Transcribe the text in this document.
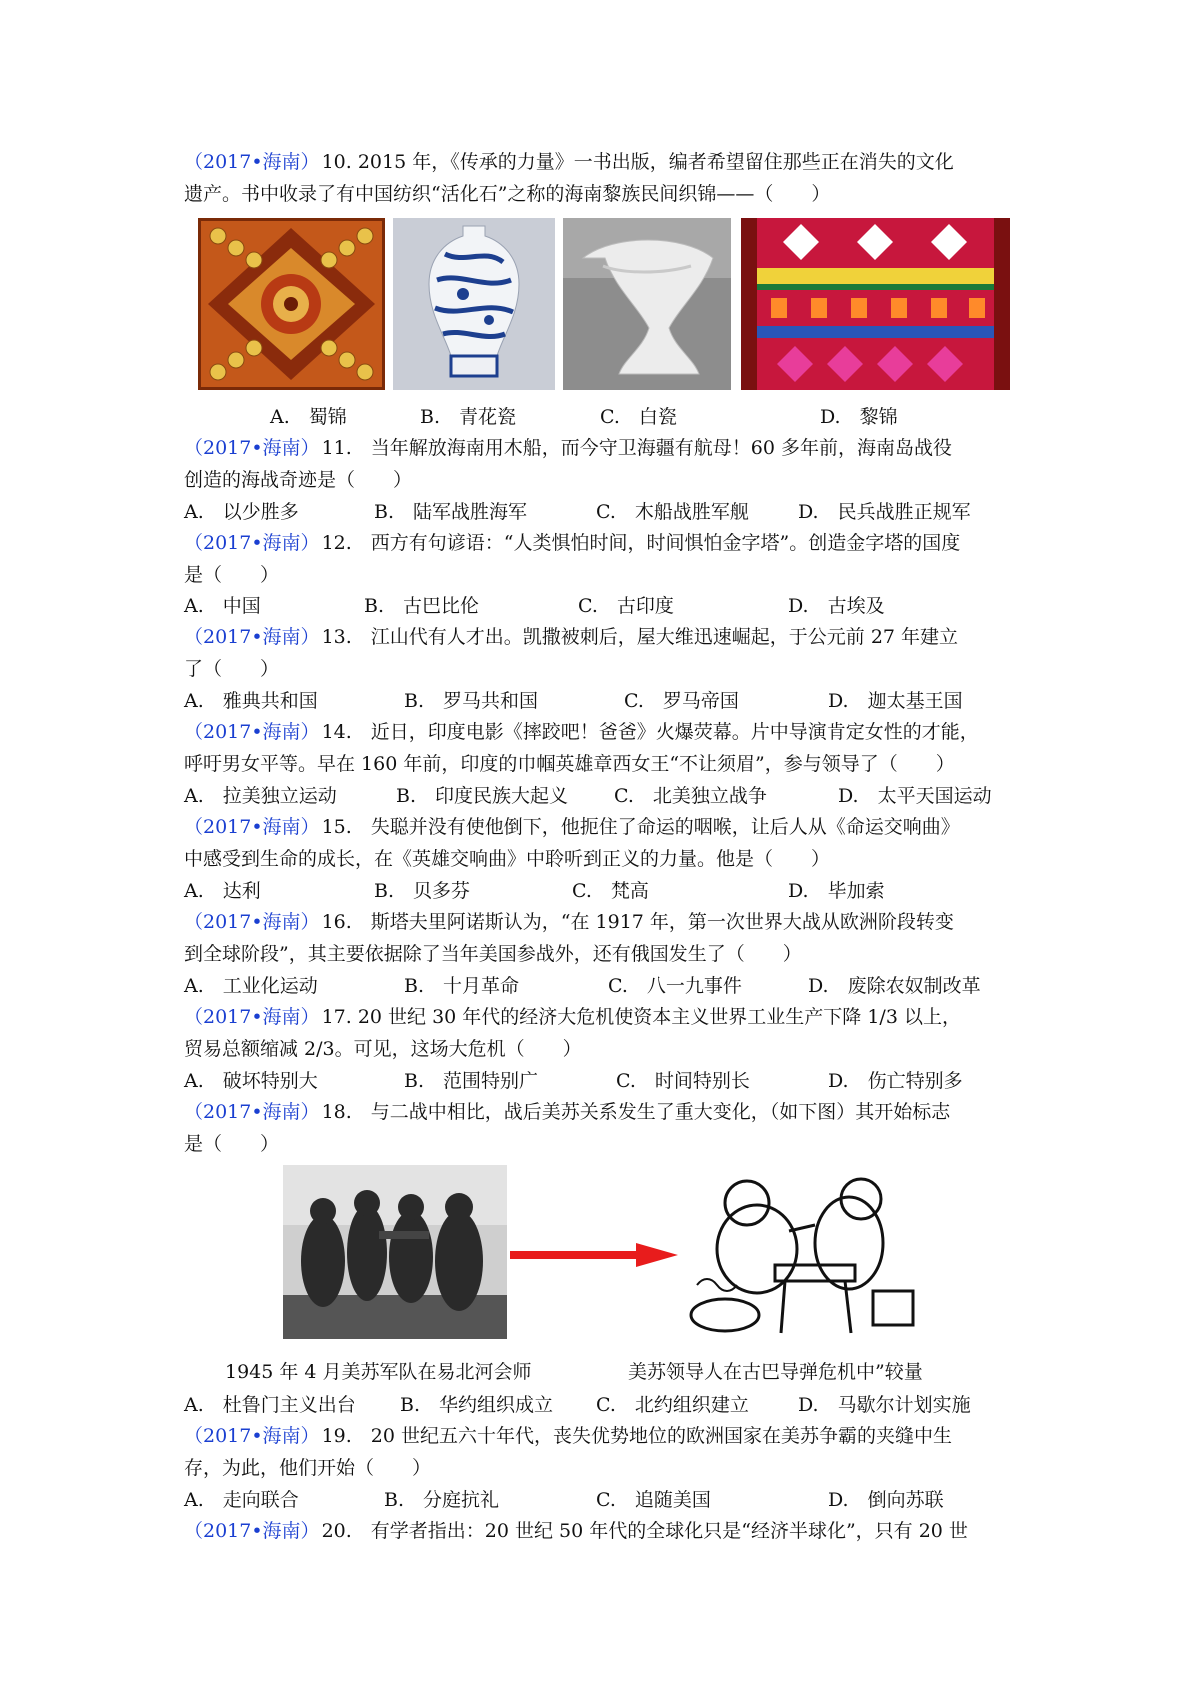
（2017•海南） 10. 2015 年，《传承的力量》一书出版，编者希望留住那些正在消失的文化
遗产。书中收录了有中国纺织“活化石”之称的海南黎族民间织锦——（　　）
A.　蜀锦	B.　青花瓷	C.　白瓷	D.　黎锦
（2017•海南） 11.　当年解放海南用木船，而今守卫海疆有航母！60 多年前，海南岛战役
创造的海战奇迹是（　　）
A.　以少胜多	B.　陆军战胜海军	C.　木船战胜军舰	D.　民兵战胜正规军
（2017•海南） 12.　西方有句谚语：“人类惧怕时间，时间惧怕金字塔”。创造金字塔的国度
是（　　）
A.　中国	B.　古巴比伦	C.　古印度	D.　古埃及
（2017•海南） 13.　江山代有人才出。凯撒被刺后，屋大维迅速崛起，于公元前 27 年建立
了（　　）
A.　雅典共和国	B.　罗马共和国	C.　罗马帝国	D.　迦太基王国
（2017•海南） 14.　近日，印度电影《摔跤吧！爸爸》火爆荧幕。片中导演肯定女性的才能，
呼吁男女平等。早在 160 年前，印度的巾帼英雄章西女王“不让须眉”，参与领导了（　　）
A.　拉美独立运动	B.　印度民族大起义 C.　北美独立战争	D.　太平天国运动
（2017•海南） 15.　失聪并没有使他倒下，他扼住了命运的咽喉，让后人从《命运交响曲》
中感受到生命的成长，在《英雄交响曲》中聆听到正义的力量。他是（　　）
A.　达利	B.　贝多芬	C.　梵高	D.　毕加索
（2017•海南） 16.　斯塔夫里阿诺斯认为，“在 1917 年，第一次世界大战从欧洲阶段转变
到全球阶段”，其主要依据除了当年美国参战外，还有俄国发生了（　　）
A.　工业化运动	B.　十月革命	C.　八一九事件	D.　废除农奴制改革
（2017•海南） 17. 20 世纪 30 年代的经济大危机使资本主义世界工业生产下降 1/3 以上，
贸易总额缩减 2/3。可见，这场大危机（　　）
A.　破坏特别大	B.　范围特别广	C.　时间特别长	D.　伤亡特别多
（2017•海南） 18.　与二战中相比，战后美苏关系发生了重大变化，（如下图）其开始标志
是（　　）
1945 年 4 月美苏军队在易北河会师	美苏领导人在古巴导弹危机中”较量
A.　杜鲁门主义出台 B.　华约组织成立 C.　北约组织建立	D.　马歇尔计划实施
（2017•海南） 19.　20 世纪五六十年代，丧失优势地位的欧洲国家在美苏争霸的夹缝中生
存，为此，他们开始（　　）
A.　走向联合	B.　分庭抗礼	C.　追随美国	D.　倒向苏联
（2017•海南） 20.　有学者指出：20 世纪 50 年代的全球化只是“经济半球化”，只有 20 世
